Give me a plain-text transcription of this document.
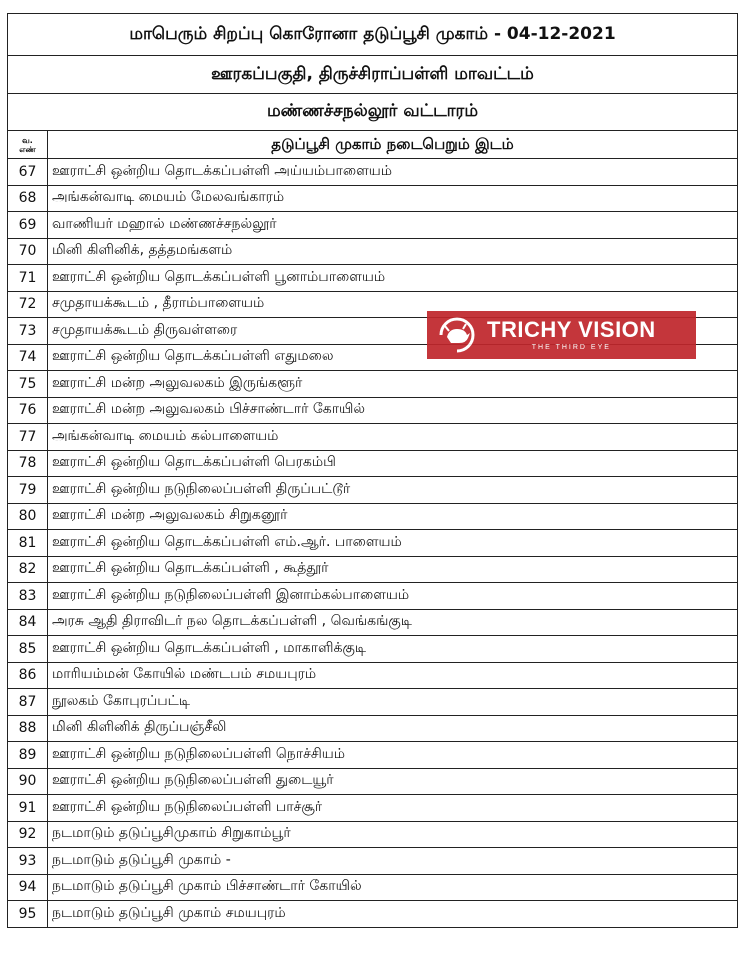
மாபெரும் சிறப்பு கொரோனா தடுப்பூசி முகாம் - 04-12-2021	
ஊரகப்பகுதி, திருச்சிராப்பள்ளி மாவட்டம்	
மண்ணச்சநல்லூர் வட்டாரம்	

வ.
எண்	தடுப்பூசி முகாம் நடைபெறும் இடம்
67	ஊராட்சி ஒன்றிய தொடக்கப்பள்ளி அய்யம்பாளையம்
68	அங்கன்வாடி மையம் மேலவங்காரம்
69	வாணியர் மஹால் மண்ணச்சநல்லூர்
70	மினி கிளினிக், தத்தமங்களம்
71	ஊராட்சி ஒன்றிய தொடக்கப்பள்ளி பூனாம்பாளையம்
72	சமுதாயக்கூடம் , தீராம்பாளையம்
73	சமுதாயக்கூடம் திருவள்ளரை
74	ஊராட்சி ஒன்றிய தொடக்கப்பள்ளி எதுமலை
75	ஊராட்சி மன்ற அலுவலகம் இருங்களூர்
76	ஊராட்சி மன்ற அலுவலகம் பிச்சாண்டார் கோயில்
77	அங்கன்வாடி மையம் கல்பாளையம்
78	ஊராட்சி ஒன்றிய தொடக்கப்பள்ளி பெரகம்பி
79	ஊராட்சி ஒன்றிய நடுநிலைப்பள்ளி திருப்பட்டூர்
80	ஊராட்சி மன்ற அலுவலகம் சிறுகனூர்
81	ஊராட்சி ஒன்றிய தொடக்கப்பள்ளி எம்.ஆர். பாளையம்
82	ஊராட்சி ஒன்றிய தொடக்கப்பள்ளி , கூத்தூர்
83	ஊராட்சி ஒன்றிய நடுநிலைப்பள்ளி இனாம்கல்பாளையம்
84	அரசு ஆதி திராவிடர் நல தொடக்கப்பள்ளி , வெங்கங்குடி
85	ஊராட்சி ஒன்றிய தொடக்கப்பள்ளி , மாகாளிக்குடி
86	மாரியம்மன் கோயில் மண்டபம் சமயபுரம்
87	நூலகம் கோபுரப்பட்டி
88	மினி கிளினிக் திருப்பஞ்சீலி
89	ஊராட்சி ஒன்றிய நடுநிலைப்பள்ளி நொச்சியம்
90	ஊராட்சி ஒன்றிய நடுநிலைப்பள்ளி துடையூர்
91	ஊராட்சி ஒன்றிய நடுநிலைப்பள்ளி பாச்சூர்
92	நடமாடும் தடுப்பூசிமுகாம் சிறுகாம்பூர்
93	நடமாடும் தடுப்பூசி முகாம் -
94	நடமாடும் தடுப்பூசி முகாம் பிச்சாண்டார் கோயில்
95	நடமாடும் தடுப்பூசி முகாம் சமயபுரம்
TRICHY VISION
THE THIRD EYE
